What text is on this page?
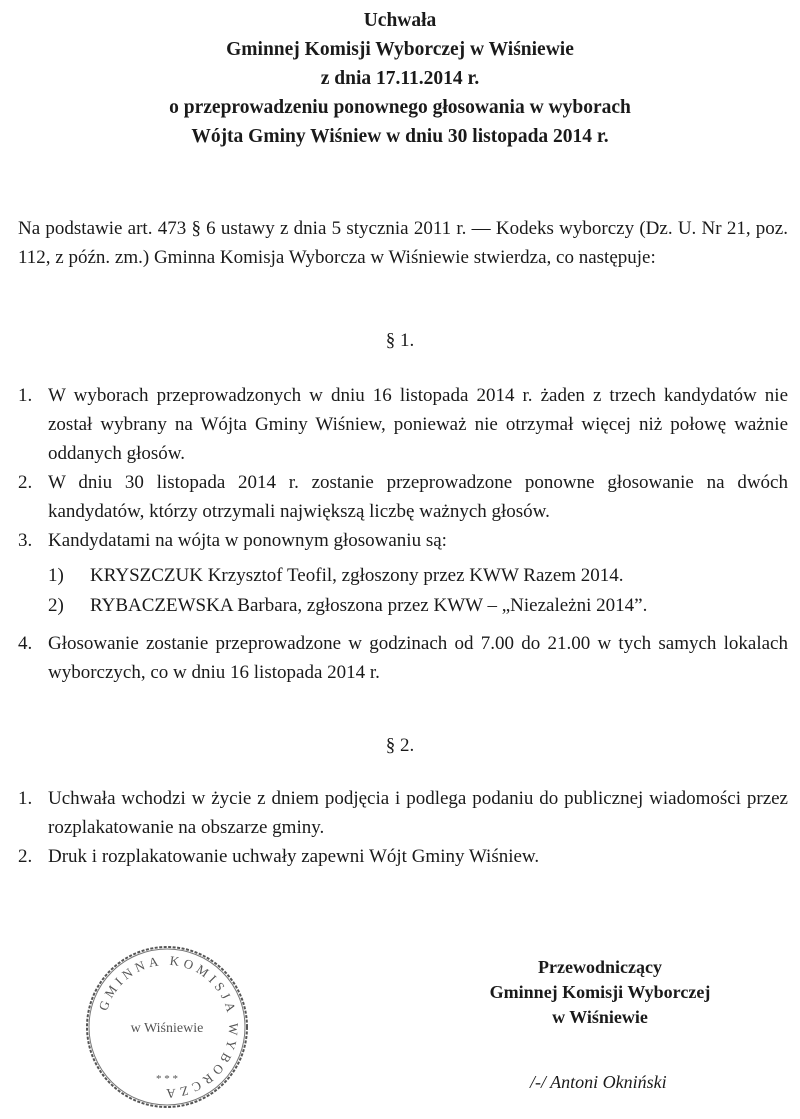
Uchwała
Gminnej Komisji Wyborczej w Wiśniewie
z dnia 17.11.2014 r.
o przeprowadzeniu ponownego głosowania w wyborach
Wójta Gminy Wiśniew w dniu 30 listopada 2014 r.
Na podstawie art. 473 § 6 ustawy z dnia 5 stycznia 2011 r. — Kodeks wyborczy (Dz. U. Nr 21, poz. 112, z późn. zm.) Gminna Komisja Wyborcza w Wiśniewie stwierdza, co następuje:
§ 1.
1. W wyborach przeprowadzonych w dniu 16 listopada 2014 r. żaden z trzech kandydatów nie został wybrany na Wójta Gminy Wiśniew, ponieważ nie otrzymał więcej niż połowę ważnie oddanych głosów.
2. W dniu 30 listopada 2014 r. zostanie przeprowadzone ponowne głosowanie na dwóch kandydatów, którzy otrzymali największą liczbę ważnych głosów.
3. Kandydatami na wójta w ponownym głosowaniu są:
1) KRYSZCZUK Krzysztof Teofil, zgłoszony przez KWW Razem 2014.
2) RYBACZEWSKA Barbara, zgłoszona przez KWW – „Niezależni 2014”.
4. Głosowanie zostanie przeprowadzone w godzinach od 7.00 do 21.00 w tych samych lokalach wyborczych, co w dniu 16 listopada 2014 r.
§ 2.
1. Uchwała wchodzi w życie z dniem podjęcia i podlega podaniu do publicznej wiadomości przez rozplakatowanie na obszarze gminy.
2. Druk i rozplakatowanie uchwały zapewni Wójt Gminy Wiśniew.
GMINNA KOMISJA WYBORCZA
w Wiśniewie
* * *
Przewodniczący
Gminnej Komisji Wyborczej
w Wiśniewie
/-/ Antoni Okniński
